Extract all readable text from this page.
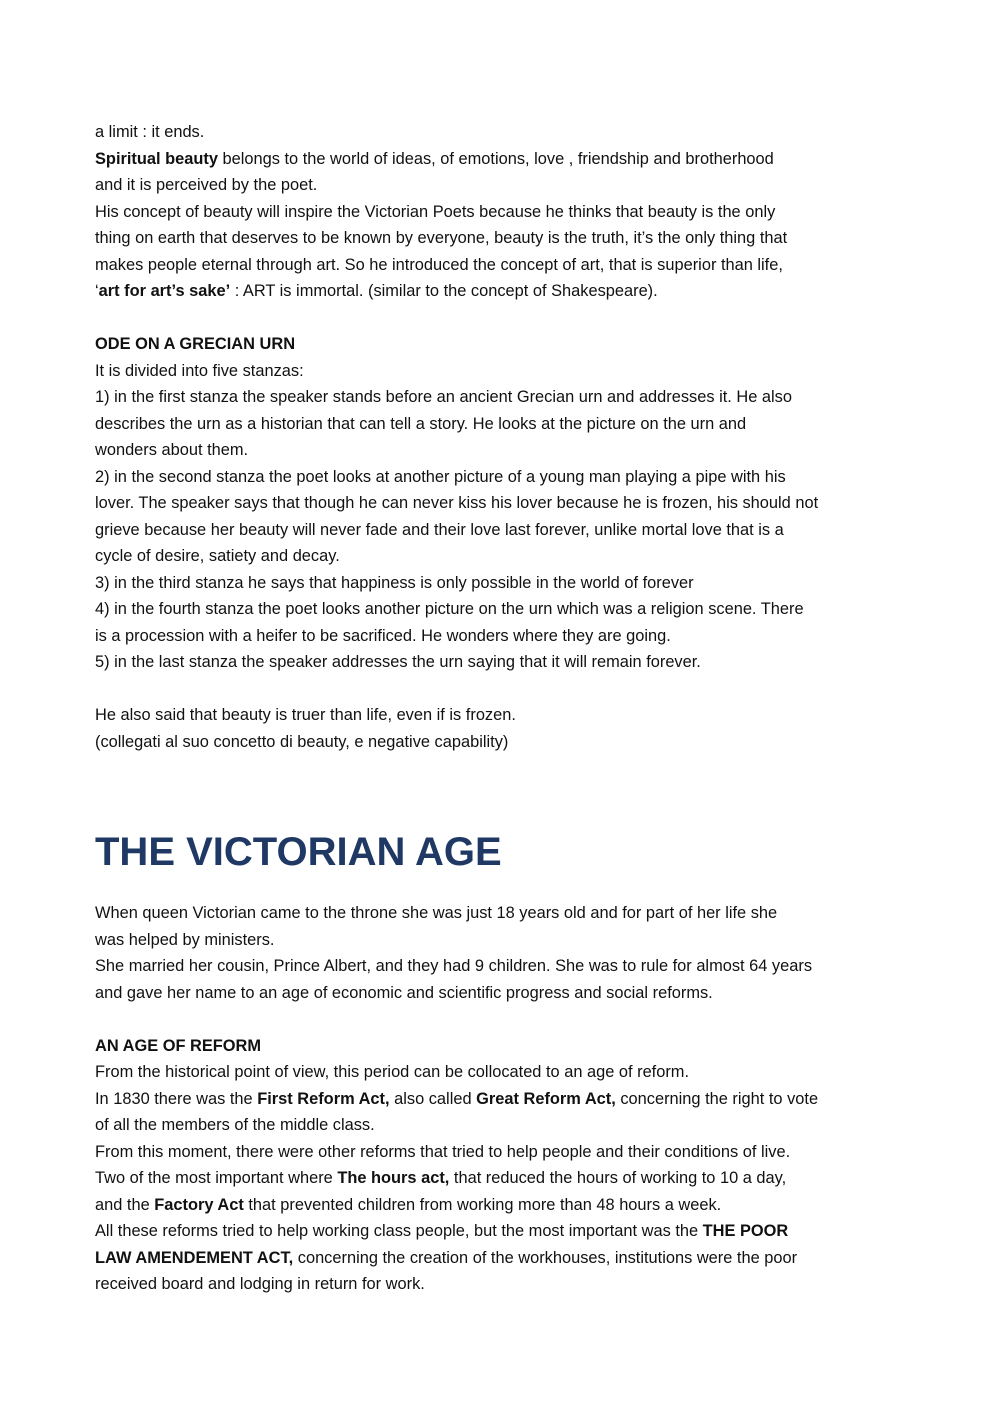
a limit : it ends.
Spiritual beauty belongs to the world of ideas, of emotions, love , friendship and brotherhood
and it is perceived by the poet.
His concept of beauty will inspire the Victorian Poets because he thinks that beauty is the only
thing on earth that deserves to be known by everyone, beauty is the truth, it’s the only thing that
makes people eternal through art. So he introduced the concept of art, that is superior than life,
‘art for art’s sake’ : ART is immortal. (similar to the concept of Shakespeare).
ODE ON A GRECIAN URN
It is divided into five stanzas:
1) in the first stanza the speaker stands before an ancient Grecian urn and addresses it. He also
describes the urn as a historian that can tell a story. He looks at the picture on the urn and
wonders about them.
2) in the second stanza the poet looks at another picture of a young man playing a pipe with his
lover. The speaker says that though he can never kiss his lover because he is frozen, his should not
grieve because her beauty will never fade and their love last forever, unlike mortal love that is a
cycle of desire, satiety and decay.
3) in the third stanza he says that happiness is only possible in the world of forever
4) in the fourth stanza the poet looks another picture on the urn which was a religion scene. There
is a procession with a heifer to be sacrificed. He wonders where they are going.
5) in the last stanza the speaker addresses the urn saying that it will remain forever.
He also said that beauty is truer than life, even if is frozen.
(collegati al suo concetto di beauty, e negative capability)
THE VICTORIAN AGE
When queen Victorian came to the throne she was just 18 years old and for part of her life she
was helped by ministers.
She married her cousin, Prince Albert, and they had 9 children. She was to rule for almost 64 years
and gave her name to an age of economic and scientific progress and social reforms.
AN AGE OF REFORM
From the historical point of view, this period can be collocated to an age of reform.
In 1830 there was the First Reform Act, also called Great Reform Act, concerning the right to vote
of all the members of the middle class.
From this moment, there were other reforms that tried to help people and their conditions of live.
Two of the most important where The hours act, that reduced the hours of working to 10 a day,
and the Factory Act that prevented children from working more than 48 hours a week.
All these reforms tried to help working class people, but the most important was the THE POOR
LAW AMENDEMENT ACT, concerning the creation of the workhouses, institutions were the poor
received board and lodging in return for work.
